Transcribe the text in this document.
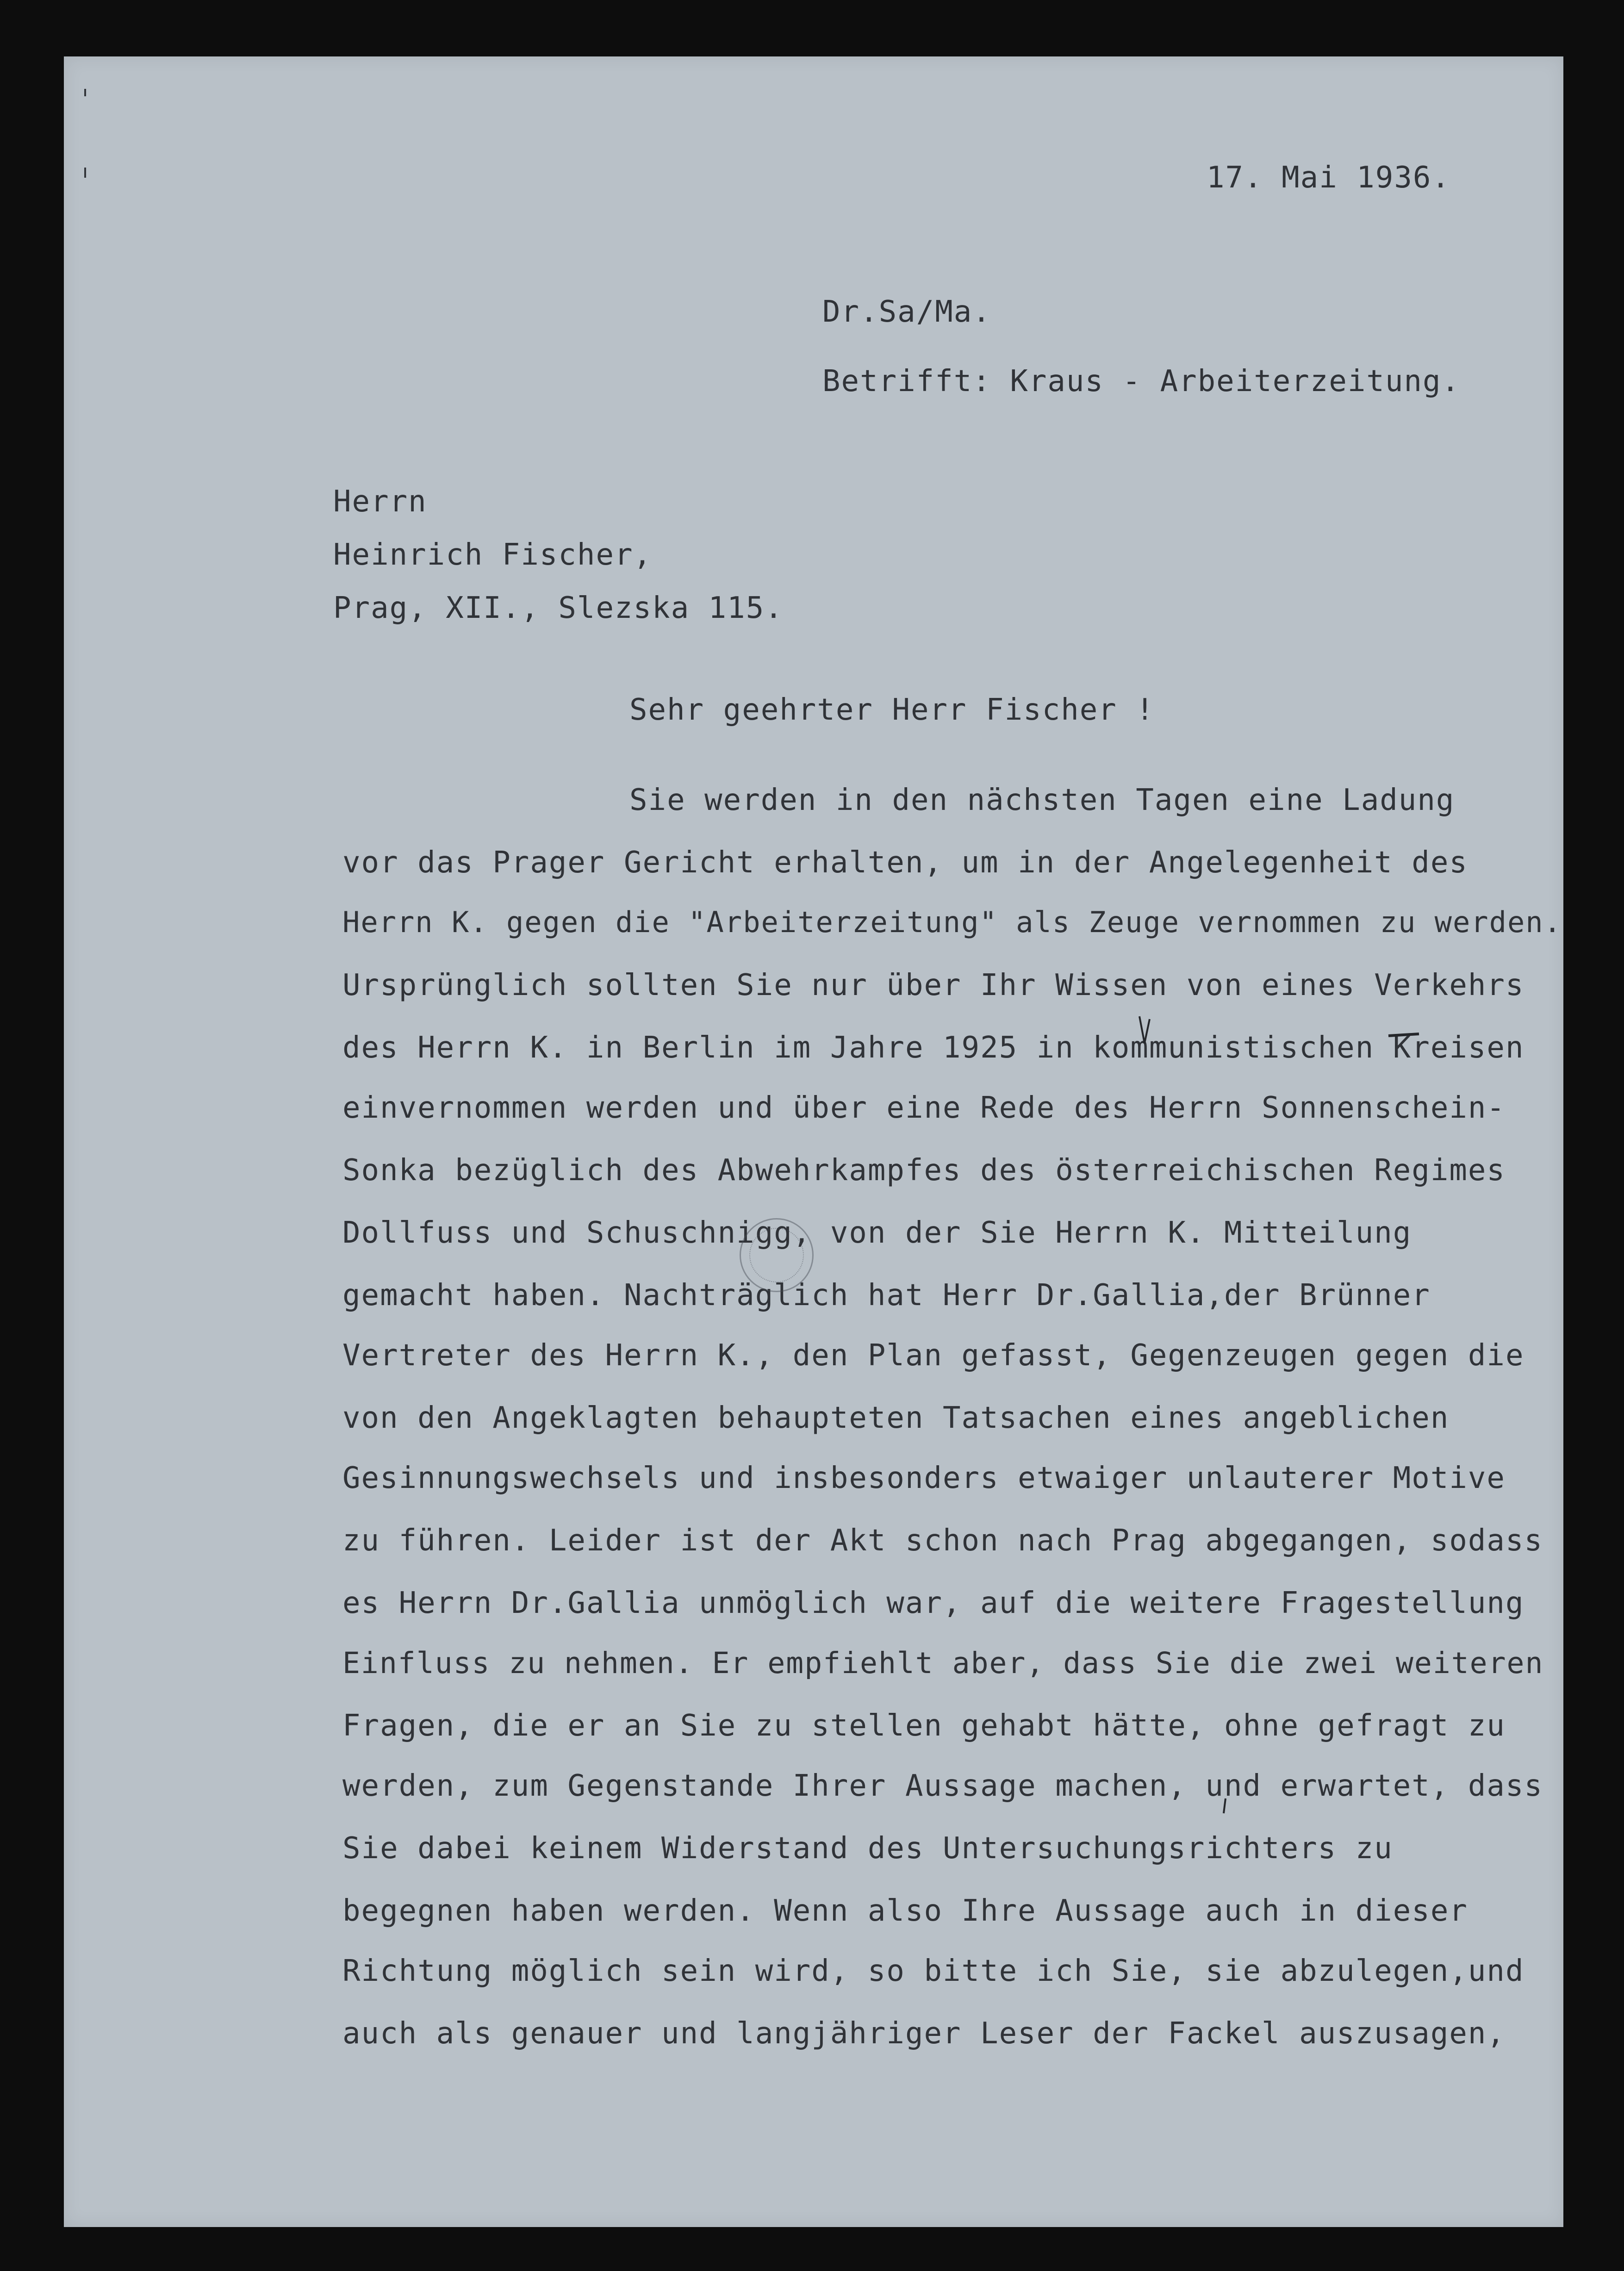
17. Mai 1936.

Dr.Sa/Ma.

Betrifft: Kraus - Arbeiterzeitung.

Herrn

Heinrich Fischer,

Prag, XII., Slezska 115.

Sehr geehrter Herr Fischer !

Sie werden in den nächsten Tagen eine Ladung

vor das Prager Gericht erhalten, um in der Angelegenheit des

Herrn K. gegen die "Arbeiterzeitung" als Zeuge vernommen zu werden.

Ursprünglich sollten Sie nur über Ihr Wissen von eines Verkehrs

des Herrn K. in Berlin im Jahre 1925 in kommunistischen Kreisen

einvernommen werden und über eine Rede des Herrn Sonnenschein-

Sonka bezüglich des Abwehrkampfes des österreichischen Regimes

Dollfuss und Schuschnigg, von der Sie Herrn K. Mitteilung

gemacht haben. Nachträglich hat Herr Dr.Gallia,der Brünner

Vertreter des Herrn K., den Plan gefasst, Gegenzeugen gegen die

von den Angeklagten behaupteten Tatsachen eines angeblichen

Gesinnungswechsels und insbesonders etwaiger unlauterer Motive

zu führen. Leider ist der Akt schon nach Prag abgegangen, sodass

es Herrn Dr.Gallia unmöglich war, auf die weitere Fragestellung

Einfluss zu nehmen. Er empfiehlt aber, dass Sie die zwei weiteren

Fragen, die er an Sie zu stellen gehabt hätte, ohne gefragt zu

werden, zum Gegenstande Ihrer Aussage machen, und erwartet, dass

Sie dabei keinem Widerstand des Untersuchungsrichters zu

begegnen haben werden. Wenn also Ihre Aussage auch in dieser

Richtung möglich sein wird, so bitte ich Sie, sie abzulegen,und

auch als genauer und langjähriger Leser der Fackel auszusagen,
